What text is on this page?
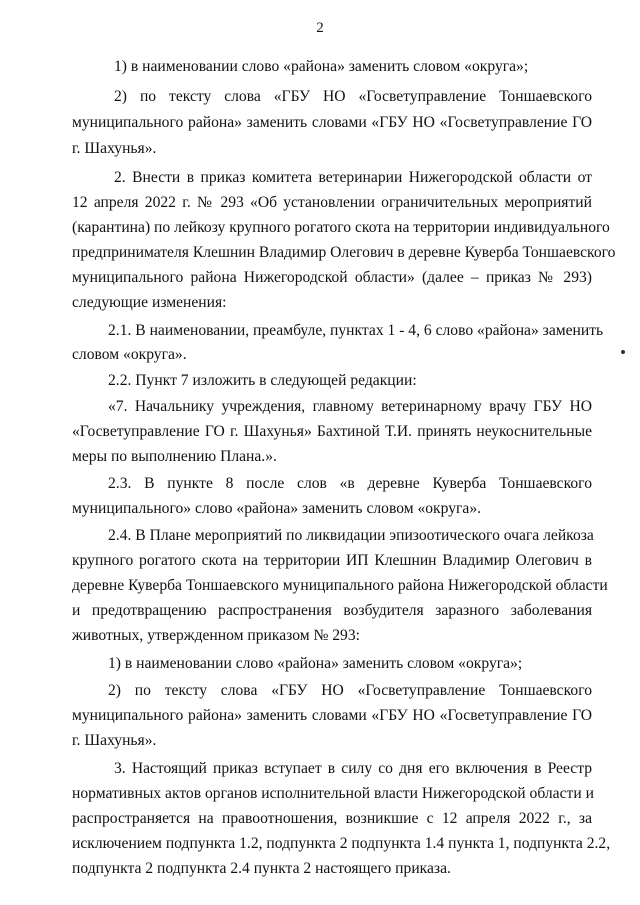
2
1) в наименовании слово «района» заменить словом «округа»;
2) по тексту слова «ГБУ НО «Госветуправление Тоншаевского
муниципального района» заменить словами «ГБУ НО «Госветуправление ГО
г. Шахунья».
2. Внести в приказ комитета ветеринарии Нижегородской области от
12 апреля 2022 г. № 293 «Об установлении ограничительных мероприятий
(карантина) по лейкозу крупного рогатого скота на территории индивидуального
предпринимателя Клешнин Владимир Олегович в деревне Куверба Тоншаевского
муниципального района Нижегородской области» (далее – приказ № 293)
следующие изменения:
2.1. В наименовании, преамбуле, пунктах 1 - 4, 6 слово «района» заменить
словом «округа».
2.2. Пункт 7 изложить в следующей редакции:
«7. Начальнику учреждения, главному ветеринарному врачу ГБУ НО
«Госветуправление ГО г. Шахунья» Бахтиной Т.И. принять неукоснительные
меры по выполнению Плана.».
2.3. В пункте 8 после слов «в деревне Куверба Тоншаевского
муниципального» слово «района» заменить словом «округа».
2.4. В Плане мероприятий по ликвидации эпизоотического очага лейкоза
крупного рогатого скота на территории ИП Клешнин Владимир Олегович в
деревне Куверба Тоншаевского муниципального района Нижегородской области
и предотвращению распространения возбудителя заразного заболевания
животных, утвержденном приказом № 293:
1) в наименовании слово «района» заменить словом «округа»;
2) по тексту слова «ГБУ НО «Госветуправление Тоншаевского
муниципального района» заменить словами «ГБУ НО «Госветуправление ГО
г. Шахунья».
3. Настоящий приказ вступает в силу со дня его включения в Реестр
нормативных актов органов исполнительной власти Нижегородской области и
распространяется на правоотношения, возникшие с 12 апреля 2022 г., за
исключением подпункта 1.2, подпункта 2 подпункта 1.4 пункта 1, подпункта 2.2,
подпункта 2 подпункта 2.4 пункта 2 настоящего приказа.
